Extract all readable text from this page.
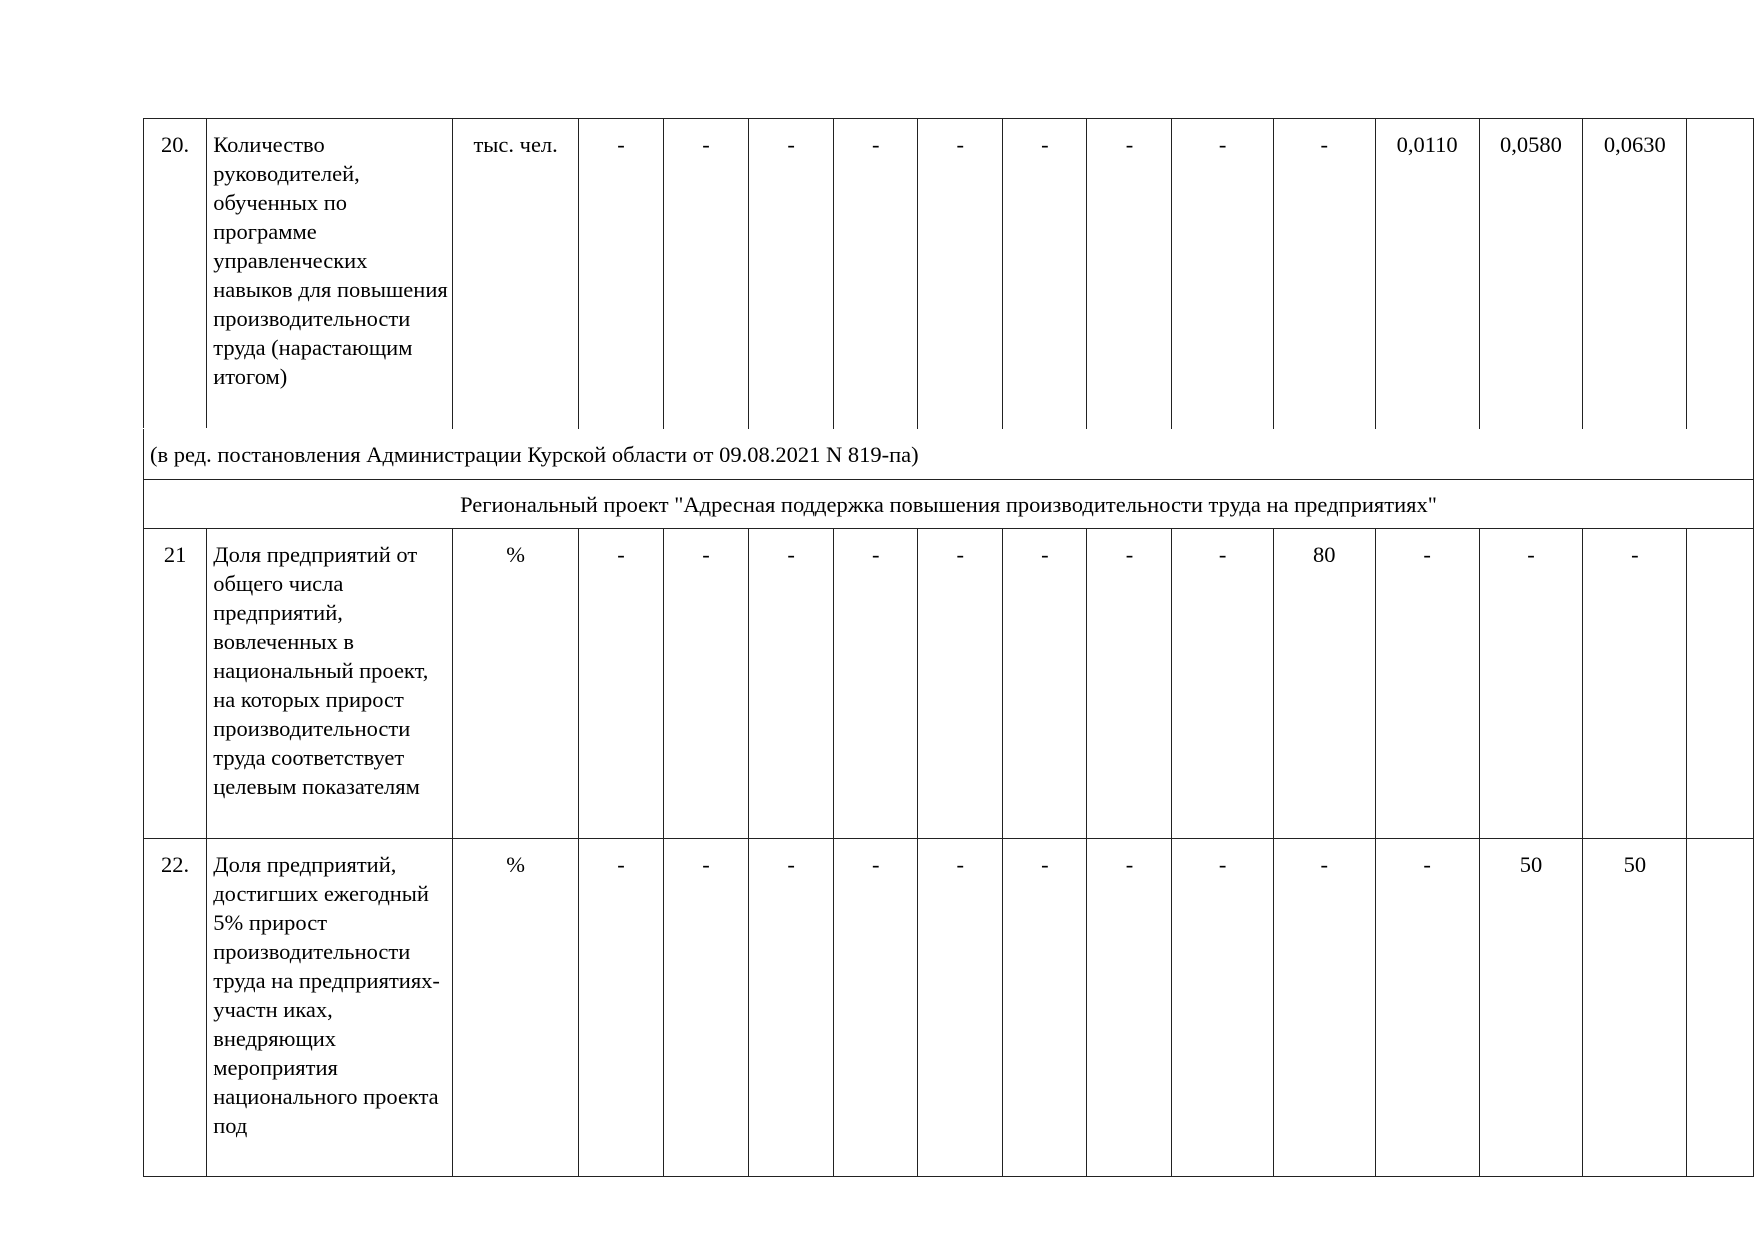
20.	Количество руководителей, обученных по программе управленческих навыков для повышения производительности труда (нарастающим итогом)	тыс. чел.	-	-	-	-	-	-	-	-	-	0,0110	0,0580	0,0630	
(в ред. постановления Администрации Курской области от 09.08.2021 N 819-па)															
Региональный проект "Адресная поддержка повышения производительности труда на предприятиях"															
21	Доля предприятий от общего числа предприятий, вовлеченных в национальный проект, на которых прирост производительности труда соответствует целевым показателям	%	-	-	-	-	-	-	-	-	80	-	-	-	
22.	Доля предприятий, достигших ежегодный 5% прирост производительности труда на предприятиях-участн иках, внедряющих мероприятия национального проекта под	%	-	-	-	-	-	-	-	-	-	-	50	50	
